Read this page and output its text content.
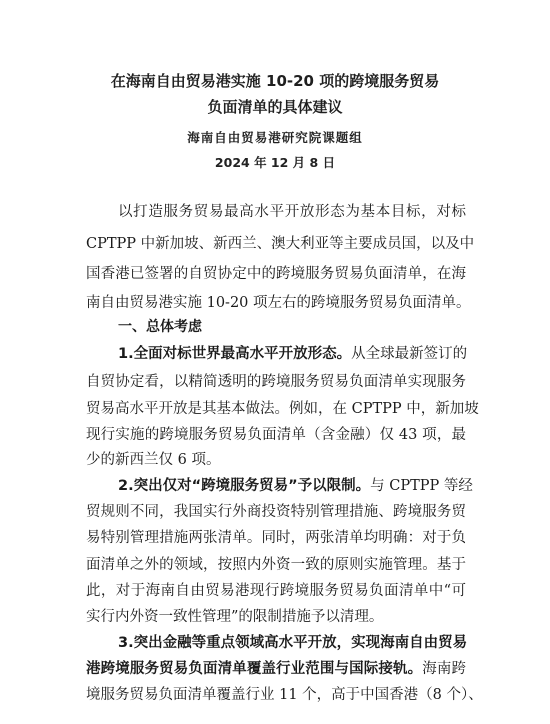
在海南自由贸易港实施 10-20 项的跨境服务贸易
负面清单的具体建议
海南自由贸易港研究院课题组
2024 年 12 月 8 日
以打造服务贸易最高水平开放形态为基本目标，对标
CPTPP 中新加坡、新西兰、澳大利亚等主要成员国，以及中
国香港已签署的自贸协定中的跨境服务贸易负面清单，在海
南自由贸易港实施 10-20 项左右的跨境服务贸易负面清单。
一、总体考虑
1.全面对标世界最高水平开放形态。从全球最新签订的
自贸协定看，以精简透明的跨境服务贸易负面清单实现服务
贸易高水平开放是其基本做法。例如，在 CPTPP 中，新加坡
现行实施的跨境服务贸易负面清单（含金融）仅 43 项，最
少的新西兰仅 6 项。
2.突出仅对“跨境服务贸易”予以限制。与 CPTPP 等经
贸规则不同，我国实行外商投资特别管理措施、跨境服务贸
易特别管理措施两张清单。同时，两张清单均明确：对于负
面清单之外的领域，按照内外资一致的原则实施管理。基于
此，对于海南自由贸易港现行跨境服务贸易负面清单中“可
实行内外资一致性管理”的限制措施予以清理。
3.突出金融等重点领域高水平开放，实现海南自由贸易
港跨境服务贸易负面清单覆盖行业范围与国际接轨。海南跨
境服务贸易负面清单覆盖行业 11 个，高于中国香港（8 个）、
